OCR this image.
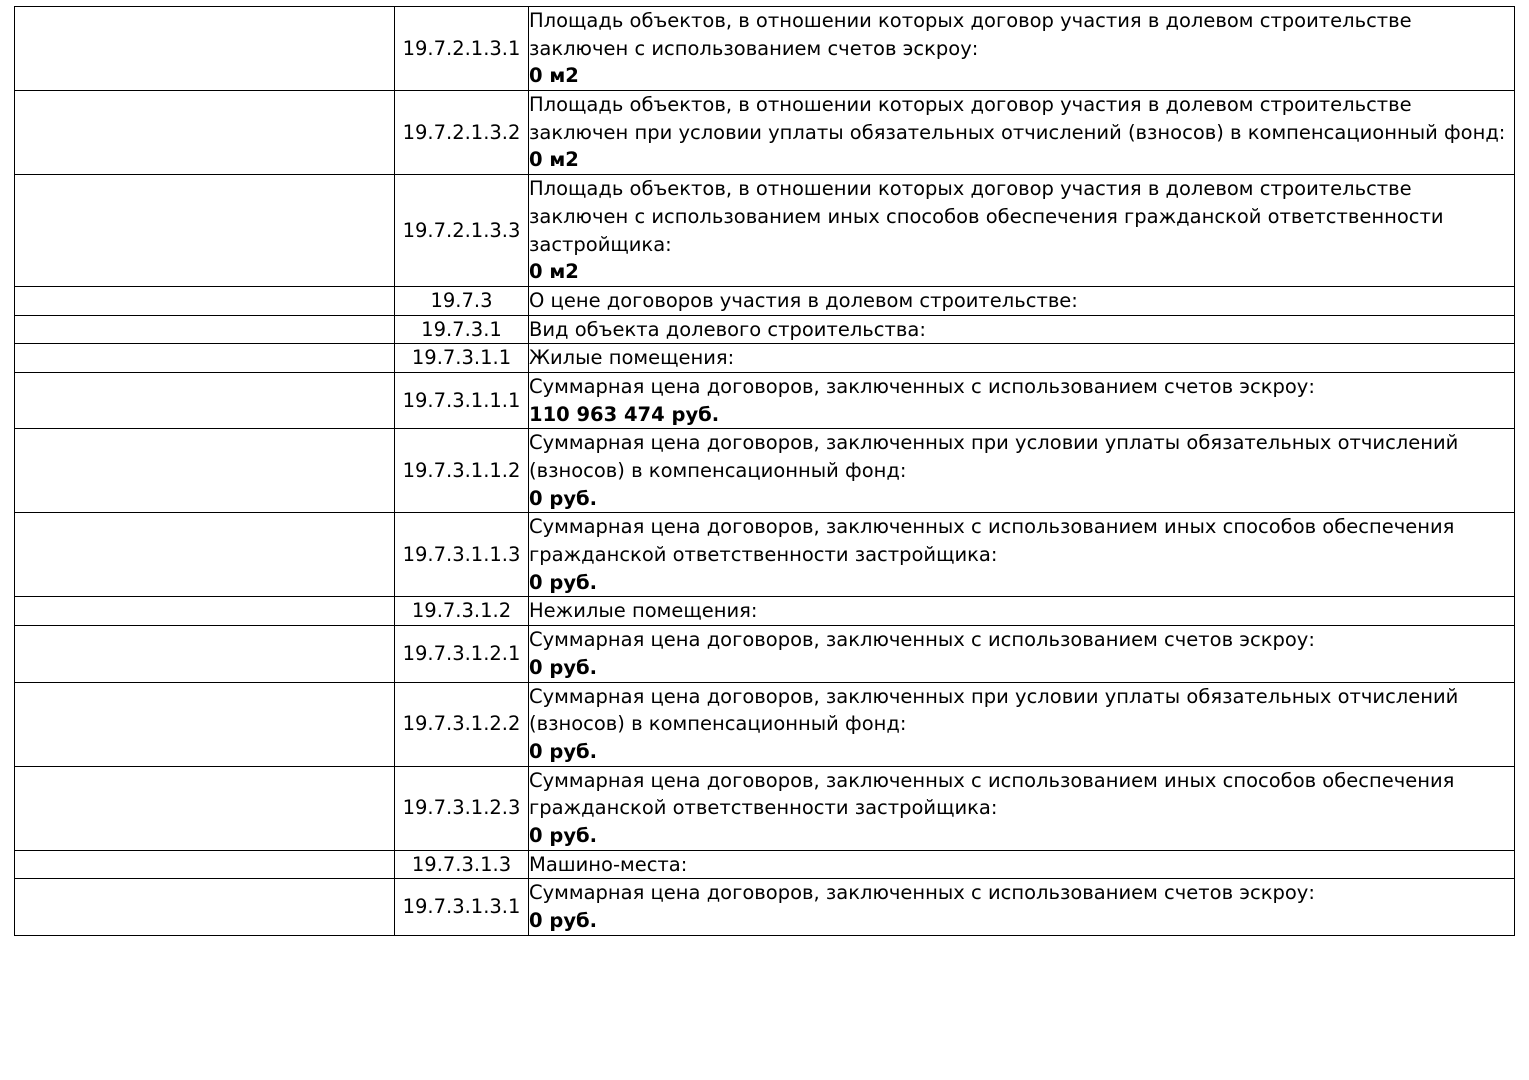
	19.7.2.1.3.1	Площадь объектов, в отношении которых договор участия в долевом строительстве заключен с использованием счетов эскроу:
0 м2

	19.7.2.1.3.2	Площадь объектов, в отношении которых договор участия в долевом строительстве заключен при условии уплаты обязательных отчислений (взносов) в компенсационный фонд:
0 м2

	19.7.2.1.3.3	Площадь объектов, в отношении которых договор участия в долевом строительстве заключен с использованием иных способов обеспечения гражданской ответственности застройщика:
0 м2

	19.7.3	О цене договоров участия в долевом строительстве:

	19.7.3.1	Вид объекта долевого строительства:

	19.7.3.1.1	Жилые помещения:

	19.7.3.1.1.1	Суммарная цена договоров, заключенных с использованием счетов эскроу:
110 963 474 руб.

	19.7.3.1.1.2	Суммарная цена договоров, заключенных при условии уплаты обязательных отчислений (взносов) в компенсационный фонд:
0 руб.

	19.7.3.1.1.3	Суммарная цена договоров, заключенных с использованием иных способов обеспечения гражданской ответственности застройщика:
0 руб.

	19.7.3.1.2	Нежилые помещения:

	19.7.3.1.2.1	Суммарная цена договоров, заключенных с использованием счетов эскроу:
0 руб.

	19.7.3.1.2.2	Суммарная цена договоров, заключенных при условии уплаты обязательных отчислений (взносов) в компенсационный фонд:
0 руб.

	19.7.3.1.2.3	Суммарная цена договоров, заключенных с использованием иных способов обеспечения гражданской ответственности застройщика:
0 руб.

	19.7.3.1.3	Машино-места:

	19.7.3.1.3.1	Суммарная цена договоров, заключенных с использованием счетов эскроу:
0 руб.
